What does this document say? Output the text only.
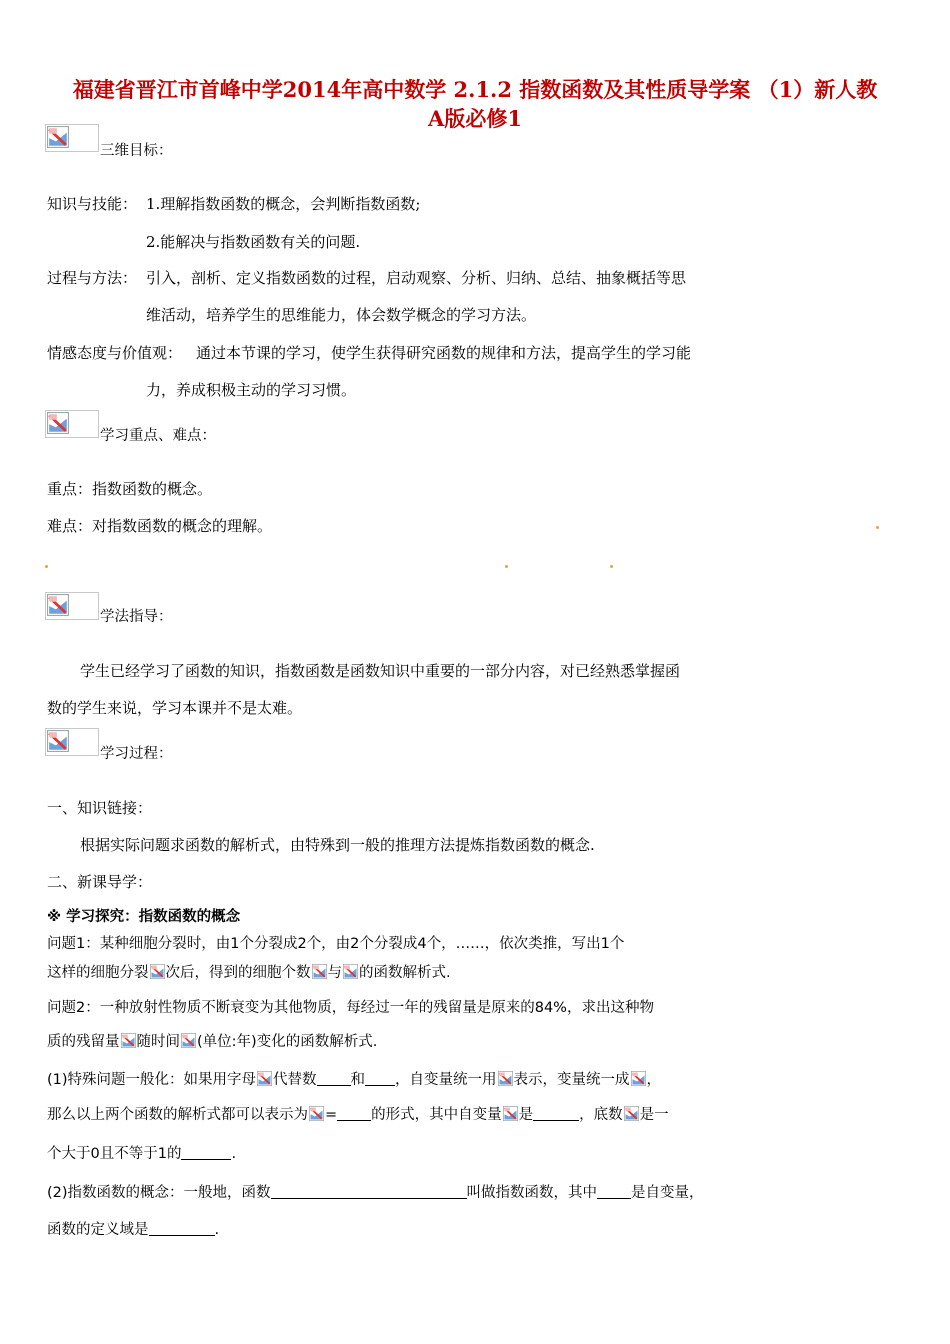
福建省晋江市首峰中学2014年高中数学 2.1.2 指数函数及其性质导学案 （1）新人教
A版必修1
三维目标：
知识与技能： 1.理解指数函数的概念，会判断指数函数;
2.能解决与指数函数有关的问题.
过程与方法： 引入，剖析、定义指数函数的过程，启动观察、分析、归纳、总结、抽象概括等思
维活动，培养学生的思维能力，体会数学概念的学习方法。
情感态度与价值观： 通过本节课的学习，使学生获得研究函数的规律和方法，提高学生的学习能
力，养成积极主动的学习习惯。
学习重点、难点：
重点：指数函数的概念。
难点：对指数函数的概念的理解。
学法指导：
学生已经学习了函数的知识，指数函数是函数知识中重要的一部分内容，对已经熟悉掌握函
数的学生来说，学习本课并不是太难。
学习过程：
一、知识链接：
根据实际问题求函数的解析式，由特殊到一般的推理方法提炼指数函数的概念.
二、新课导学：
※ 学习探究：指数函数的概念
问题1：某种细胞分裂时，由1个分裂成2个，由2个分裂成4个，……，依次类推，写出1个
这样的细胞分裂 次后，得到的细胞个数 与 的函数解析式.
问题2：一种放射性物质不断衰变为其他物质，每经过一年的残留量是原来的84%，求出这种物
质的残留量 随时间 (单位:年)变化的函数解析式.
(1)特殊问题一般化：如果用字母 代替数 和 ，自变量统一用 表示，变量统一成 ，
那么以上两个函数的解析式都可以表示为 = 的形式，其中自变量 是	，底数 是一
个大于0且不等于1的	.
(2)指数函数的概念：一般地，函数	叫做指数函数，其中 是自变量，
函数的定义域是	.
